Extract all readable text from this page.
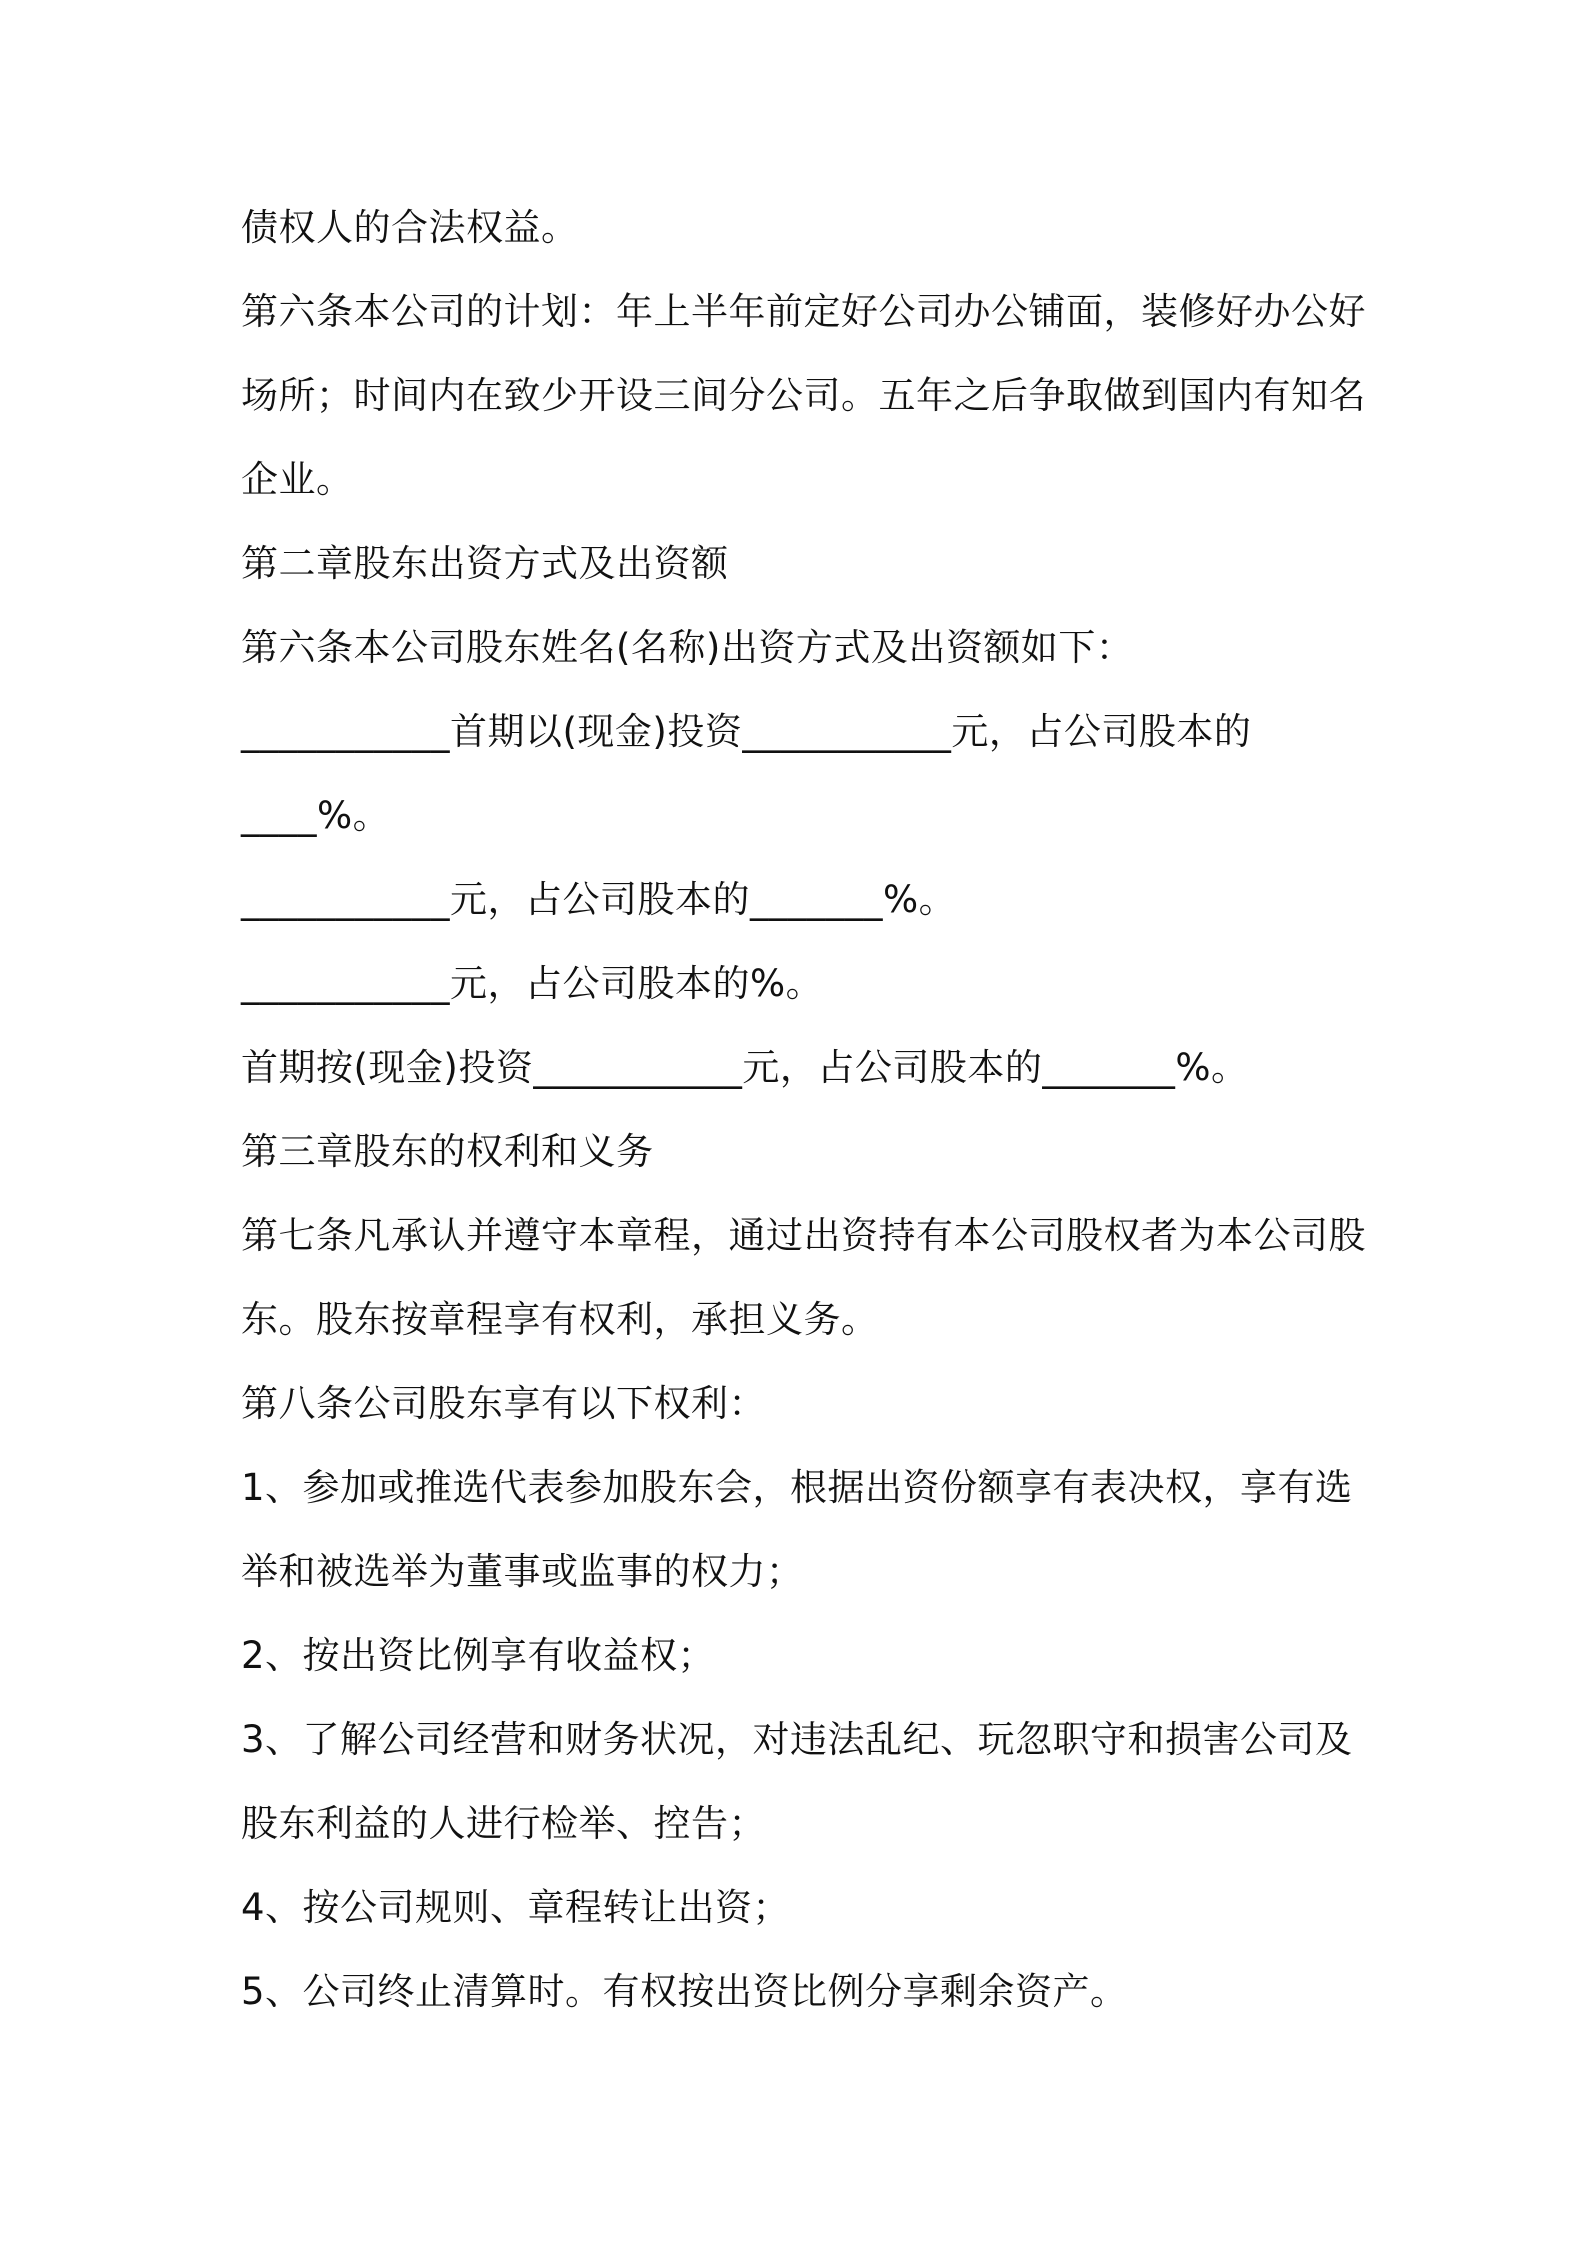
债权人的合法权益。
第六条本公司的计划：年上半年前定好公司办公铺面，装修好办公好
场所；时间内在致少开设三间分公司。五年之后争取做到国内有知名
企业。
第二章股东出资方式及出资额
第六条本公司股东姓名(名称)出资方式及出资额如下：
___________首期以(现金)投资___________元，占公司股本的
____%。
___________元，占公司股本的_______%。
___________元，占公司股本的%。
首期按(现金)投资___________元，占公司股本的_______%。
第三章股东的权利和义务
第七条凡承认并遵守本章程，通过出资持有本公司股权者为本公司股
东。股东按章程享有权利，承担义务。
第八条公司股东享有以下权利：
1、参加或推选代表参加股东会，根据出资份额享有表决权，享有选
举和被选举为董事或监事的权力；
2、按出资比例享有收益权；
3、了解公司经营和财务状况，对违法乱纪、玩忽职守和损害公司及
股东利益的人进行检举、控告；
4、按公司规则、章程转让出资；
5、公司终止清算时。有权按出资比例分享剩余资产。
